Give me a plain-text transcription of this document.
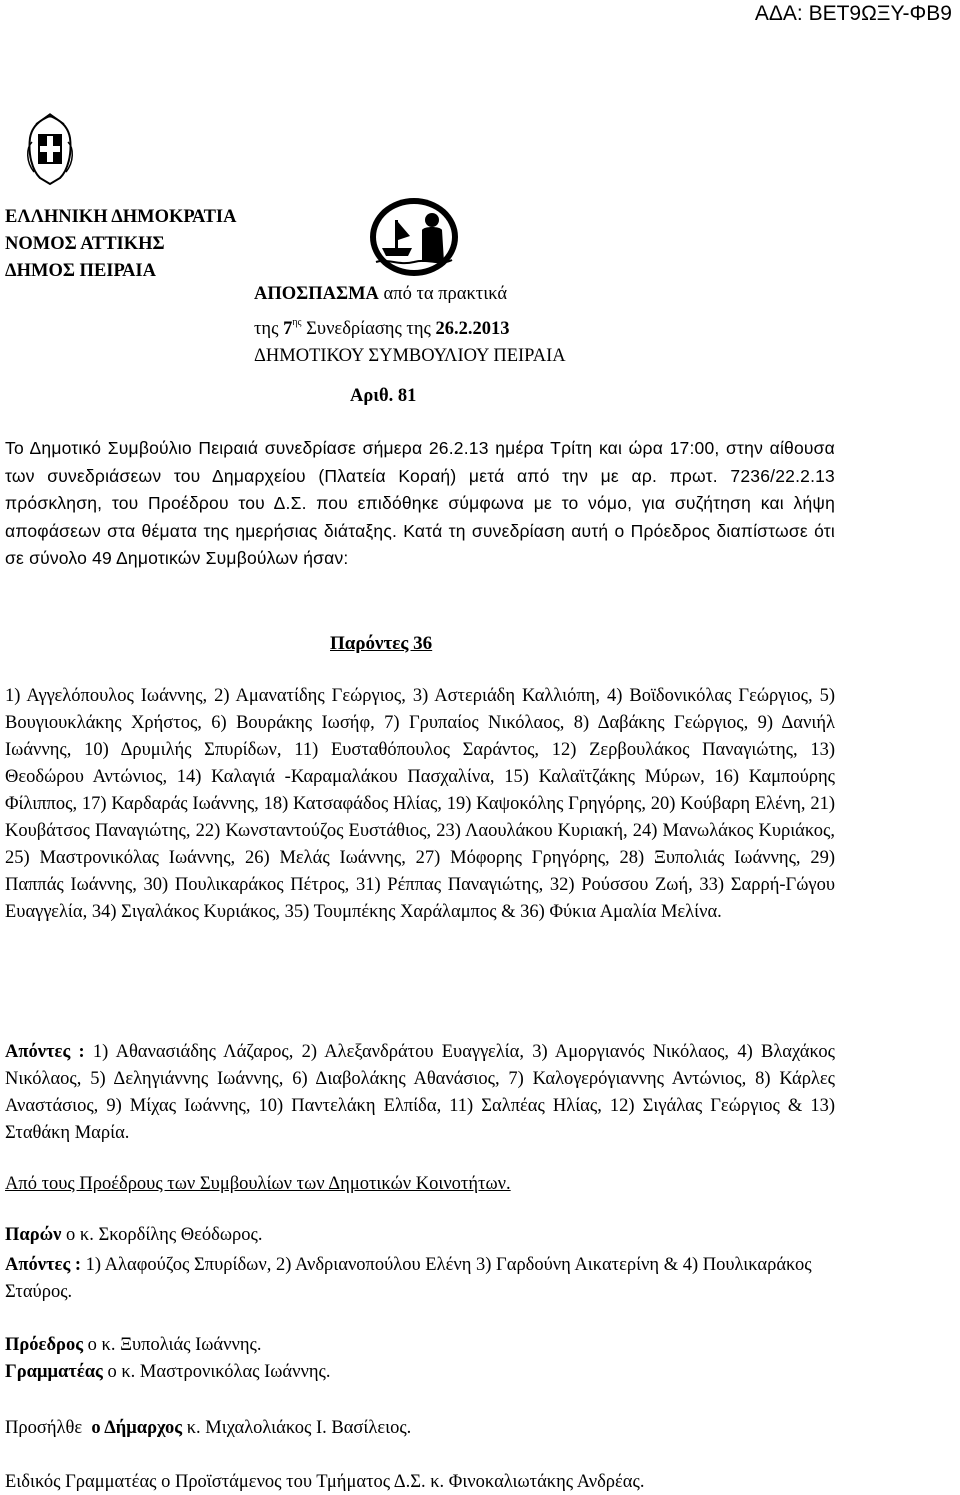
ΑΔΑ: ΒΕΤ9ΩΞΥ-ΦΒ9
ΕΛΛΗΝΙΚΗ ΔΗΜΟΚΡΑΤΙΑ
ΝΟΜΟΣ ΑΤΤΙΚΗΣ
ΔΗΜΟΣ ΠΕΙΡΑΙΑ
ΑΠΟΣΠΑΣΜΑ από τα πρακτικά
της $7^{\eta\varsigma}$ Συνεδρίασης της 26.2.2013
ΔΗΜΟΤΙΚΟΥ ΣΥΜΒΟΥΛΙΟΥ ΠΕΙΡΑΙΑ
Αριθ. 81
Το Δημοτικό Συμβούλιο Πειραιά συνεδρίασε σήμερα 26.2.13 ημέρα Τρίτη και ώρα 17:00, στην αίθουσα των συνεδριάσεων του Δημαρχείου (Πλατεία Κοραή) μετά από την με αρ. πρωτ. 7236/22.2.13 πρόσκληση, του Προέδρου του Δ.Σ. που επιδόθηκε σύμφωνα με το νόμο, για συζήτηση και λήψη αποφάσεων στα θέματα της ημερήσιας διάταξης. Κατά τη συνεδρίαση αυτή ο Πρόεδρος διαπίστωσε ότι σε σύνολο 49 Δημοτικών Συμβούλων ήσαν:
Παρόντες 36
1) Αγγελόπουλος Ιωάννης, 2) Αμανατίδης Γεώργιος, 3) Αστεριάδη Καλλιόπη, 4) Βοϊδονικόλας Γεώργιος, 5) Βουγιουκλάκης Χρήστος, 6) Βουράκης Ιωσήφ, 7) Γρυπαίος Νικόλαος, 8) Δαβάκης Γεώργιος, 9) Δανιήλ Ιωάννης, 10) Δρυμιλής Σπυρίδων, 11) Ευσταθόπουλος Σαράντος, 12) Ζερβουλάκος Παναγιώτης, 13) Θεοδώρου Αντώνιος, 14) Καλαγιά -Καραμαλάκου Πασχαλίνα, 15) Καλαϊτζάκης Μύρων, 16) Καμπούρης Φίλιππος, 17) Καρδαράς Ιωάννης, 18) Κατσαφάδος Ηλίας, 19) Καψοκόλης Γρηγόρης, 20) Κούβαρη Ελένη, 21) Κουβάτσος Παναγιώτης, 22) Κωνσταντούζος Ευστάθιος, 23) Λαουλάκου Κυριακή, 24) Μανωλάκος Κυριάκος, 25) Μαστρονικόλας Ιωάννης, 26) Μελάς Ιωάννης, 27) Μόφορης Γρηγόρης, 28) Ξυπολιάς Ιωάννης, 29) Παππάς Ιωάννης, 30) Πουλικαράκος Πέτρος, 31) Ρέππας Παναγιώτης, 32) Ρούσσου Ζωή, 33) Σαρρή-Γώγου Ευαγγελία, 34) Σιγαλάκος Κυριάκος, 35) Τουμπέκης Χαράλαμπος & 36) Φύκια Αμαλία Μελίνα.
Απόντες : 1) Αθανασιάδης Λάζαρος, 2) Αλεξανδράτου Ευαγγελία, 3) Αμοργιανός Νικόλαος, 4) Βλαχάκος Νικόλαος, 5) Δεληγιάννης Ιωάννης, 6) Διαβολάκης Αθανάσιος, 7) Καλογερόγιαννης Αντώνιος, 8) Κάρλες Αναστάσιος, 9) Μίχας Ιωάννης, 10) Παντελάκη Ελπίδα, 11) Σαλπέας Ηλίας, 12) Σιγάλας Γεώργιος & 13) Σταθάκη Μαρία.
Από τους Προέδρους των Συμβουλίων των Δημοτικών Κοινοτήτων.
Παρών ο κ. Σκορδίλης Θεόδωρος.
Απόντες : 1) Αλαφούζος Σπυρίδων, 2) Ανδριανοπούλου Ελένη 3) Γαρδούνη Αικατερίνη & 4) Πουλικαράκος Σταύρος.
Πρόεδρος ο κ. Ξυπολιάς Ιωάννης.
Γραμματέας ο κ. Μαστρονικόλας Ιωάννης.
Προσήλθε  ο Δήμαρχος κ. Μιχαλολιάκος Ι. Βασίλειος.
Ειδικός Γραμματέας ο Προϊστάμενος του Τμήματος Δ.Σ. κ. Φινοκαλιωτάκης Ανδρέας.
